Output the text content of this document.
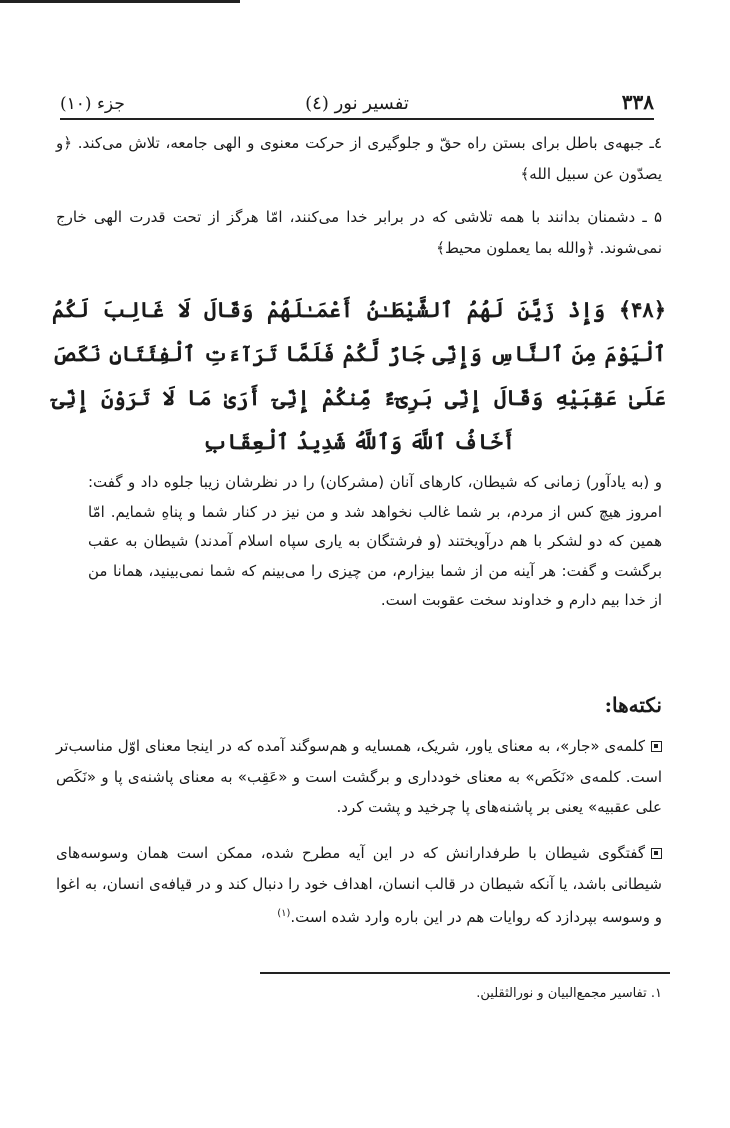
۳۳۸
تفسیر نور (٤)
جزء (۱۰)

٤ـ جبهه‌ی باطل برای بستن راه حقّ و جلوگیری از حرکت معنوی و الهی جامعه، تلاش می‌کند. ﴿و یصدّون عن سبیل الله﴾

۵ ـ دشمنان بدانند با همه تلاشی که در برابر خدا می‌کنند، امّا هرگز از تحت قدرت الهی خارج نمی‌شوند. ﴿والله بما یعملون محیط﴾

﴿۴۸﴾ وَإِذْ زَيَّنَ لَهُمُ ٱلشَّيْطَـٰنُ أَعْمَـٰلَهُمْ وَقَالَ لَا غَالِبَ لَكُمُ ٱلْيَوْمَ مِنَ ٱلنَّاسِ وَإِنِّى جَارٌ لَّكُمْ فَلَمَّا تَرَآءَتِ ٱلْفِئَتَانِ نَكَصَ عَلَىٰ عَقِبَيْهِ وَقَالَ إِنِّى بَرِىٓءٌ مِّنكُمْ إِنِّىٓ أَرَىٰ مَا لَا تَرَوْنَ إِنِّىٓ أَخَافُ ٱللَّهَ وَٱللَّهُ شَدِيدُ ٱلْعِقَابِ

و (به یادآور) زمانی که شیطان، کارهای آنان (مشرکان) را در نظرشان زیبا جلوه داد و گفت: امروز هیچ کس از مردم، بر شما غالب نخواهد شد و من نیز در کنار شما و پناهِ شمایم. امّا همین که دو لشکر با هم درآویختند (و فرشتگان به یاری سپاه اسلام آمدند) شیطان به عقب برگشت و گفت: هر آینه من از شما بیزارم، من چیزی را می‌بینم که شما نمی‌بینید، همانا من از خدا بیم دارم و خداوند سخت عقوبت است.

نکته‌ها:

کلمه‌ی «جار»، به معنای یاور، شریک، همسایه و هم‌سوگند آمده که در اینجا معنای اوّل مناسب‌تر است. کلمه‌ی «نَکَص» به معنای خودداری و برگشت است و «عَقِب» به معنای پاشنه‌ی پا و «نَکَص علی عقبیه» یعنی بر پاشنه‌های پا چرخید و پشت کرد.

گفتگوی شیطان با طرفدارانش که در این آیه مطرح شده، ممکن است همان وسوسه‌های شیطانی باشد، یا آنکه شیطان در قالب انسان، اهداف خود را دنبال کند و در قیافه‌ی انسان، به اغوا و وسوسه بپردازد که روایات هم در این باره وارد شده است.$^{(۱)}$

۱. تفاسیر مجمع‌البیان و نورالثقلین.
